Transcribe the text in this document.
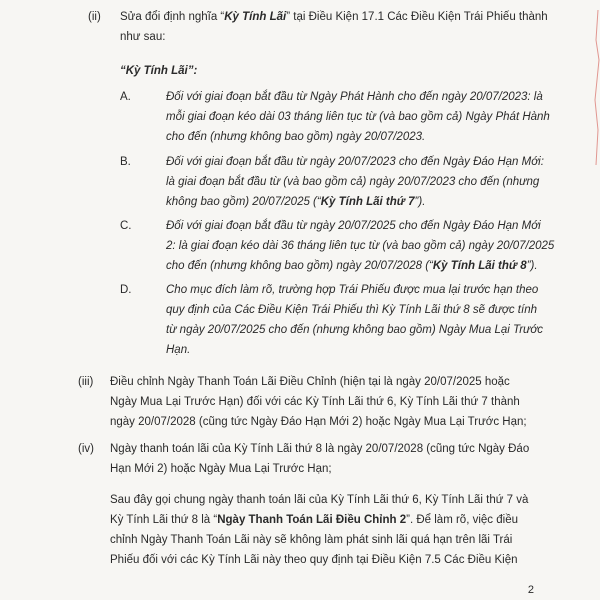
(ii) Sửa đổi định nghĩa “Kỳ Tính Lãi” tại Điều Kiện 17.1 Các Điều Kiện Trái Phiếu thành
như sau:
“Kỳ Tính Lãi”:
A.	Đối với giai đoạn bắt đầu từ Ngày Phát Hành cho đến ngày 20/07/2023: là
mỗi giai đoạn kéo dài 03 tháng liên tục từ (và bao gồm cả) Ngày Phát Hành
cho đến (nhưng không bao gồm) ngày 20/07/2023.
B.	Đối với giai đoạn bắt đầu từ ngày 20/07/2023 cho đến Ngày Đáo Hạn Mới:
là giai đoạn bắt đầu từ (và bao gồm cả) ngày 20/07/2023 cho đến (nhưng
không bao gồm) 20/07/2025 (“Kỳ Tính Lãi thứ 7”).
C.	Đối với giai đoạn bắt đầu từ ngày 20/07/2025 cho đến Ngày Đáo Hạn Mới
2: là giai đoạn kéo dài 36 tháng liên tục từ (và bao gồm cả) ngày 20/07/2025
cho đến (nhưng không bao gồm) ngày 20/07/2028 (“Kỳ Tính Lãi thứ 8”).
D.	Cho mục đích làm rõ, trường hợp Trái Phiếu được mua lại trước hạn theo
quy định của Các Điều Kiện Trái Phiếu thì Kỳ Tính Lãi thứ 8 sẽ được tính
từ ngày 20/07/2025 cho đến (nhưng không bao gồm) Ngày Mua Lại Trước
Hạn.
(iii) Điều chỉnh Ngày Thanh Toán Lãi Điều Chỉnh (hiện tại là ngày 20/07/2025 hoặc
Ngày Mua Lại Trước Hạn) đối với các Kỳ Tính Lãi thứ 6, Kỳ Tính Lãi thứ 7 thành
ngày 20/07/2028 (cũng tức Ngày Đáo Hạn Mới 2) hoặc Ngày Mua Lại Trước Hạn;
(iv) Ngày thanh toán lãi của Kỳ Tính Lãi thứ 8 là ngày 20/07/2028 (cũng tức Ngày Đáo
Hạn Mới 2) hoặc Ngày Mua Lại Trước Hạn;
Sau đây gọi chung ngày thanh toán lãi của Kỳ Tính Lãi thứ 6, Kỳ Tính Lãi thứ 7 và
Kỳ Tính Lãi thứ 8 là “Ngày Thanh Toán Lãi Điều Chỉnh 2”. Để làm rõ, việc điều
chỉnh Ngày Thanh Toán Lãi này sẽ không làm phát sinh lãi quá hạn trên lãi Trái
Phiếu đối với các Kỳ Tính Lãi này theo quy định tại Điều Kiện 7.5 Các Điều Kiện
2
